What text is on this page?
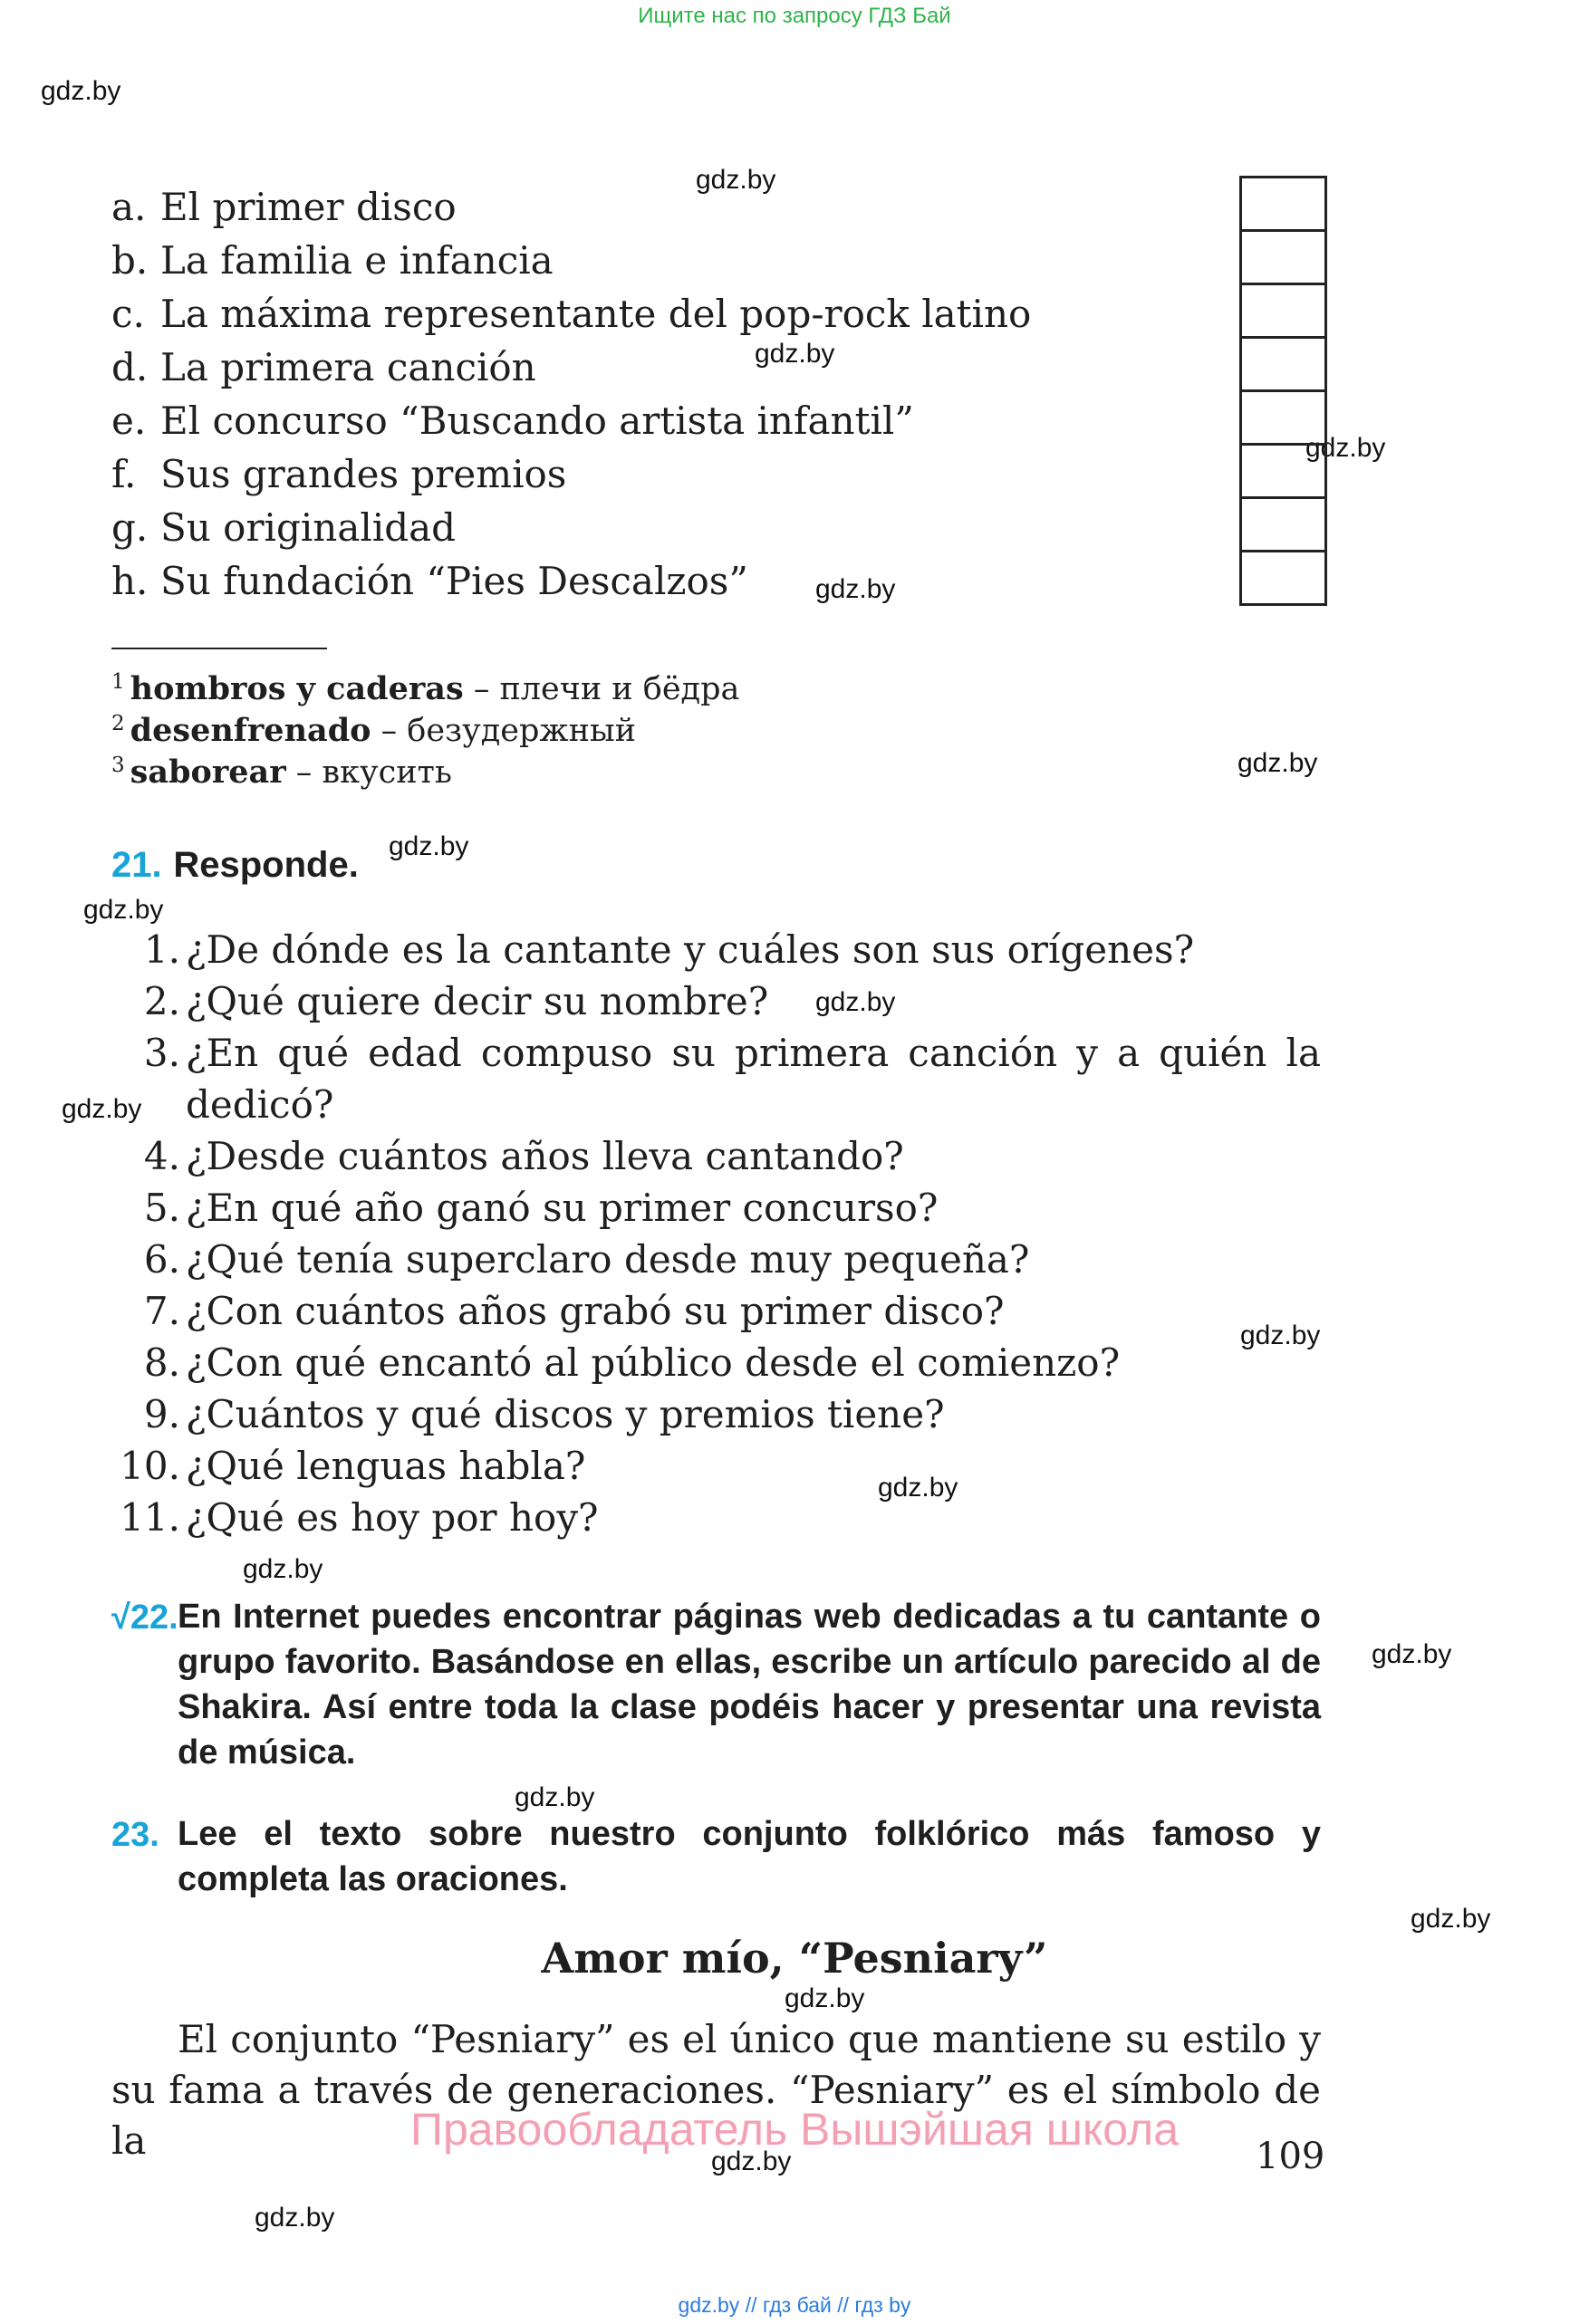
Ищите нас по запросу ГДЗ Бай
gdz.by // гдз бай // гдз by
gdz.by
gdz.by
gdz.by
gdz.by
gdz.by
gdz.by
gdz.by
gdz.by
gdz.by
gdz.by
gdz.by
gdz.by
gdz.by
gdz.by
gdz.by
gdz.by
gdz.by
gdz.by
gdz.by
a. El primer disco
b. La familia e infancia
c. La máxima representante del pop-rock latino
d. La primera canción
e. El concurso “Buscando artista infantil”
f. Sus grandes premios
g. Su originalidad
h. Su fundación “Pies Descalzos”
$^1$ hombros y caderas – плечи и бёдра
$^2$ desenfrenado – безудержный
$^3$ saborear – вкусить
21. Responde.
1. ¿De dónde es la cantante y cuáles son sus orígenes?
2. ¿Qué quiere decir su nombre?
3. ¿En qué edad compuso su primera canción y a quién la
dedicó?
4. ¿Desde cuántos años lleva cantando?
5. ¿En qué año ganó su primer concurso?
6. ¿Qué tenía superclaro desde muy pequeña?
7. ¿Con cuántos años grabó su primer disco?
8. ¿Con qué encantó al público desde el comienzo?
9. ¿Cuántos y qué discos y premios tiene?
10. ¿Qué lenguas habla?
11. ¿Qué es hoy por hoy?
√22. En Internet puedes encontrar páginas web dedicadas a tu cantante o grupo favorito. Basándose en ellas, escribe un artículo parecido al de Shakira. Así entre toda la clase podéis hacer y presentar una revista de música.
23. Lee el texto sobre nuestro conjunto folklórico más famoso y completa las oraciones.
Amor mío, “Pesniary”
El conjunto “Pesniary” es el único que mantiene su estilo y su fama a través de generaciones. “Pesniary” es el símbolo de la	Правообладатель Вышэйшая школа
109
